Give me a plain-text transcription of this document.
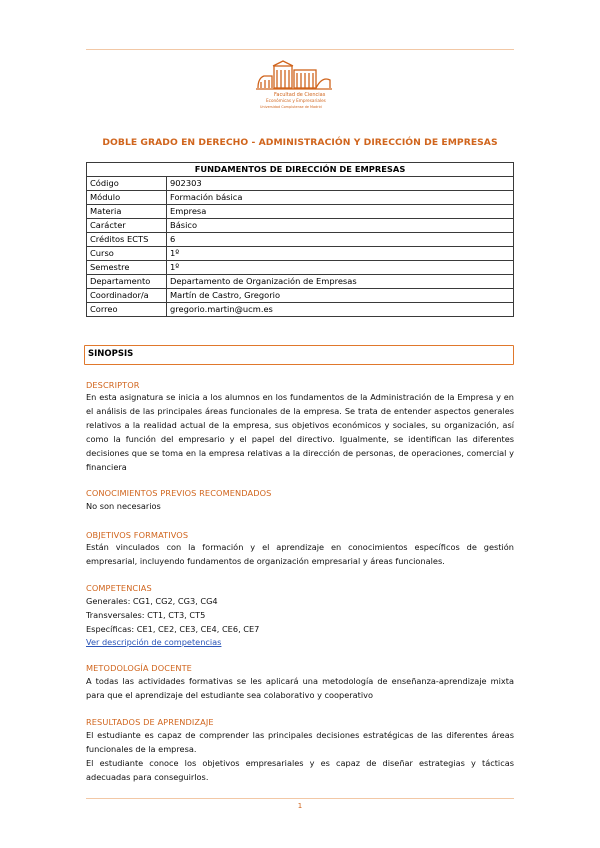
Facultad de Ciencias
Económicas y Empresariales
Universidad Complutense de Madrid
DOBLE GRADO EN DERECHO - ADMINISTRACIÓN Y DIRECCIÓN DE EMPRESAS
FUNDAMENTOS DE DIRECCIÓN DE EMPRESAS	
Código	902303
Módulo	Formación básica
Materia	Empresa
Carácter	Básico
Créditos ECTS	6
Curso	1º
Semestre	1º
Departamento	Departamento de Organización de Empresas
Coordinador/a	Martín de Castro, Gregorio
Correo	gregorio.martin@ucm.es
SINOPSIS
DESCRIPTOR
En esta asignatura se inicia a los alumnos en los fundamentos de la Administración de la Empresa y en el análisis de las principales áreas funcionales de la empresa. Se trata de entender aspectos generales relativos a la realidad actual de la empresa, sus objetivos económicos y sociales, su organización, así como la función del empresario y el papel del directivo. Igualmente, se identifican las diferentes decisiones que se toma en la empresa relativas a la dirección de personas, de operaciones, comercial y financiera
CONOCIMIENTOS PREVIOS RECOMENDADOS
No son necesarios
OBJETIVOS FORMATIVOS
Están vinculados con la formación y el aprendizaje en conocimientos específicos de gestión empresarial, incluyendo fundamentos de organización empresarial y áreas funcionales.
COMPETENCIAS
Generales: CG1, CG2, CG3, CG4
Transversales: CT1, CT3, CT5
Específicas: CE1, CE2, CE3, CE4, CE6, CE7
Ver descripción de competencias
METODOLOGÍA DOCENTE
A todas las actividades formativas se les aplicará una metodología de enseñanza-aprendizaje mixta para que el aprendizaje del estudiante sea colaborativo y cooperativo
RESULTADOS DE APRENDIZAJE
El estudiante es capaz de comprender las principales decisiones estratégicas de las diferentes áreas funcionales de la empresa.
El estudiante conoce los objetivos empresariales y es capaz de diseñar estrategias y tácticas adecuadas para conseguirlos.
1
